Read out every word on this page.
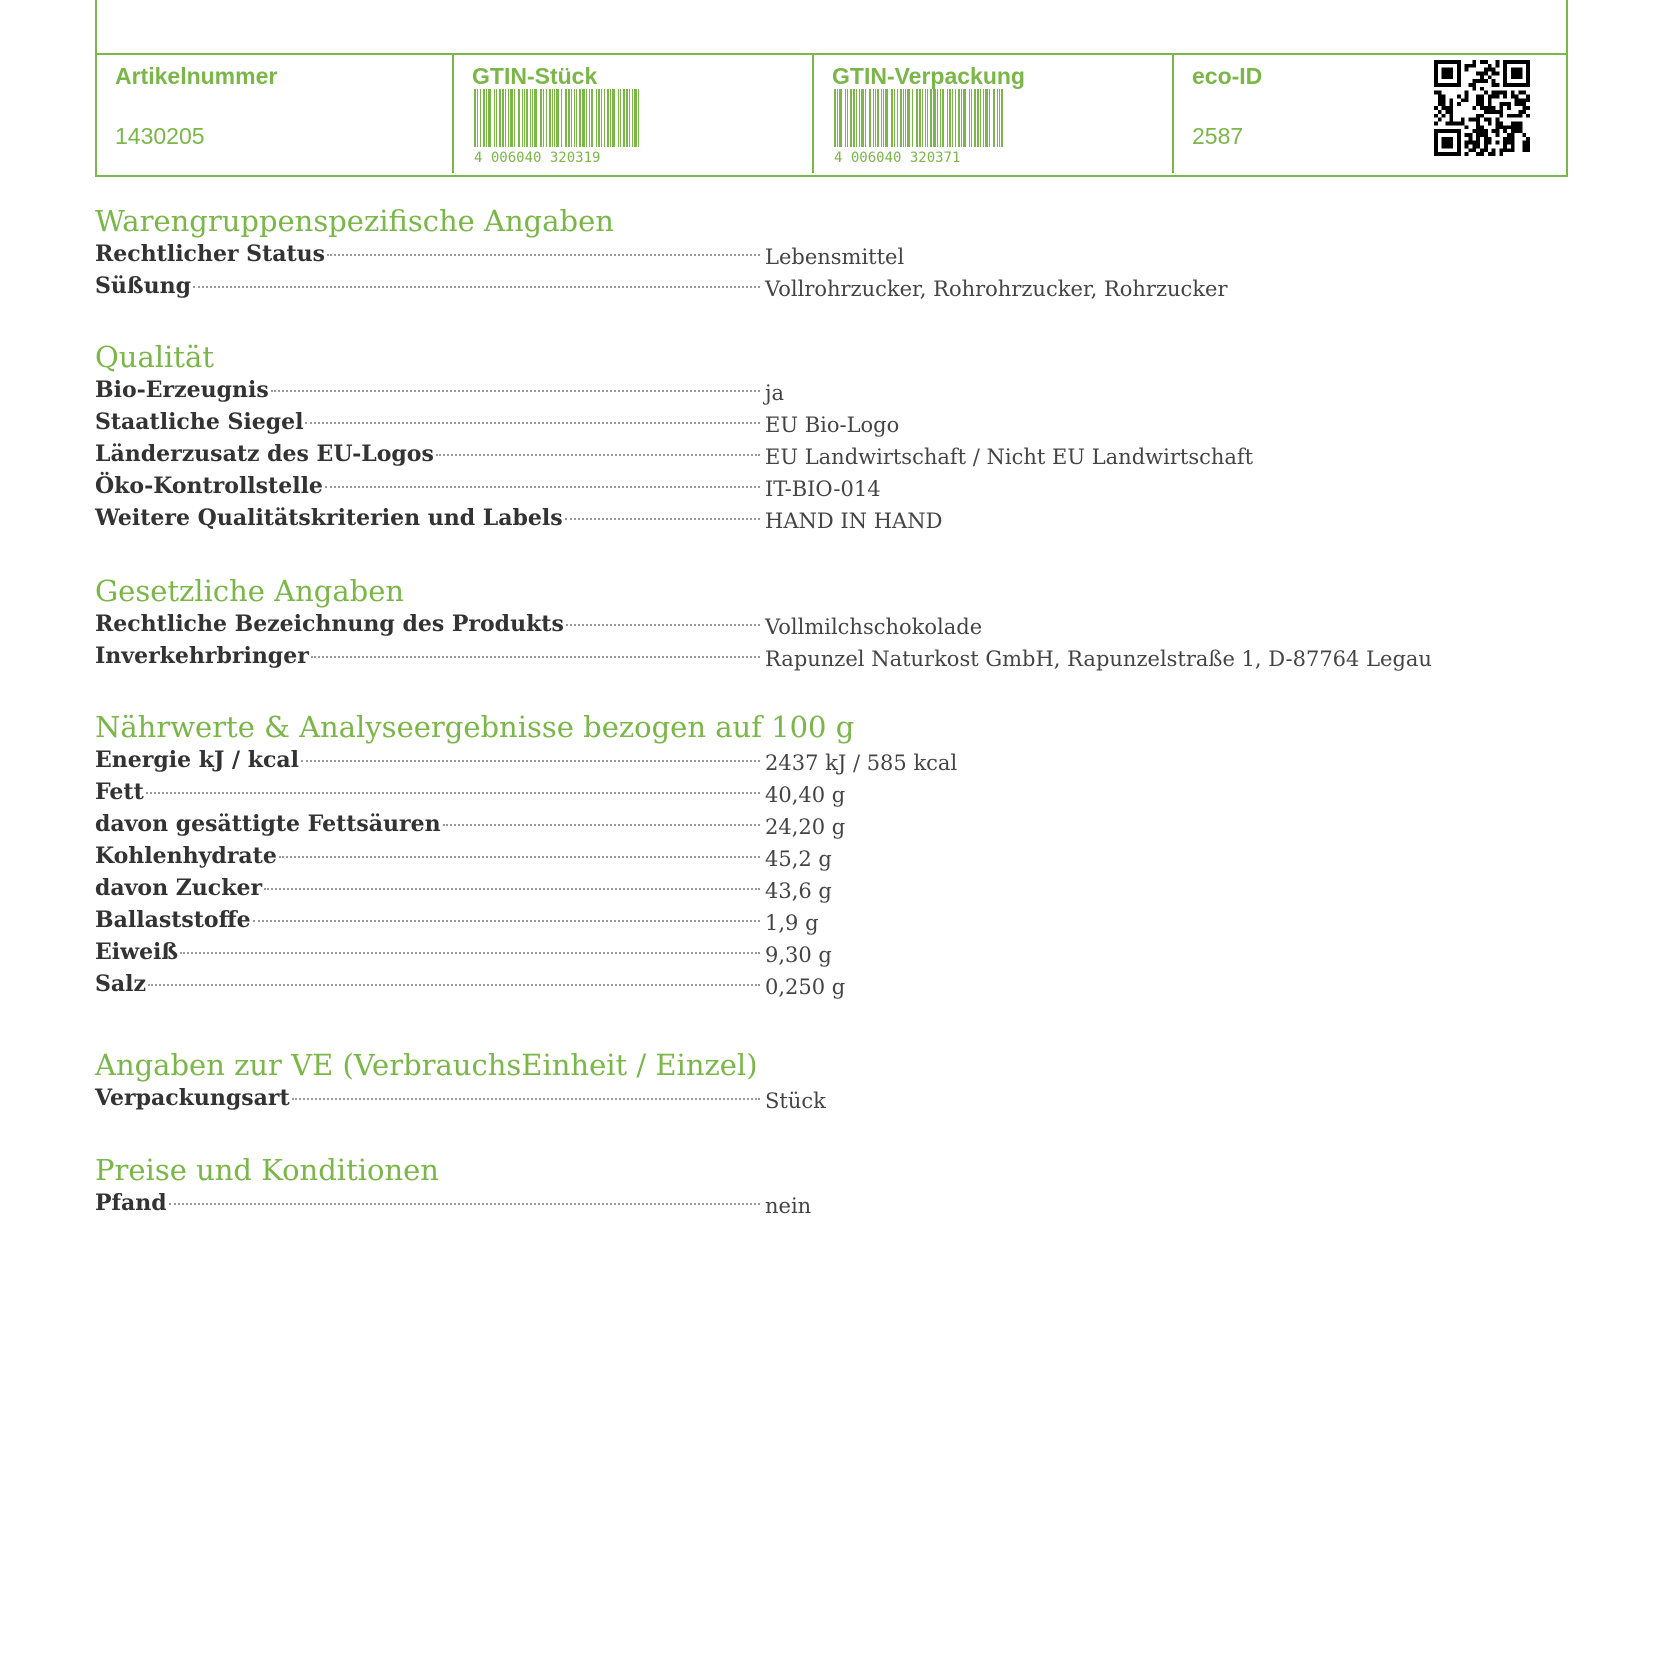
Artikelnummer
1430205
GTIN-Stück
4 006040 320319
GTIN-Verpackung
4 006040 320371
eco-ID
2587
Warengruppenspezifische Angaben
Rechtlicher Status	Lebensmittel
Süßung	Vollrohrzucker, Rohrohrzucker, Rohrzucker
Qualität
Bio-Erzeugnis	ja
Staatliche Siegel	EU Bio-Logo
Länderzusatz des EU-Logos	EU Landwirtschaft / Nicht EU Landwirtschaft
Öko-Kontrollstelle	IT-BIO-014
Weitere Qualitätskriterien und Labels	HAND IN HAND
Gesetzliche Angaben
Rechtliche Bezeichnung des Produkts	Vollmilchschokolade
Inverkehrbringer	Rapunzel Naturkost GmbH, Rapunzelstraße 1, D-87764 Legau
Nährwerte & Analyseergebnisse bezogen auf 100 g
Energie kJ / kcal	2437 kJ / 585 kcal
Fett	40,40 g
davon gesättigte Fettsäuren	24,20 g
Kohlenhydrate	45,2 g
davon Zucker	43,6 g
Ballaststoffe	1,9 g
Eiweiß	9,30 g
Salz	0,250 g
Angaben zur VE (VerbrauchsEinheit / Einzel)
Verpackungsart	Stück
Preise und Konditionen
Pfand	nein
